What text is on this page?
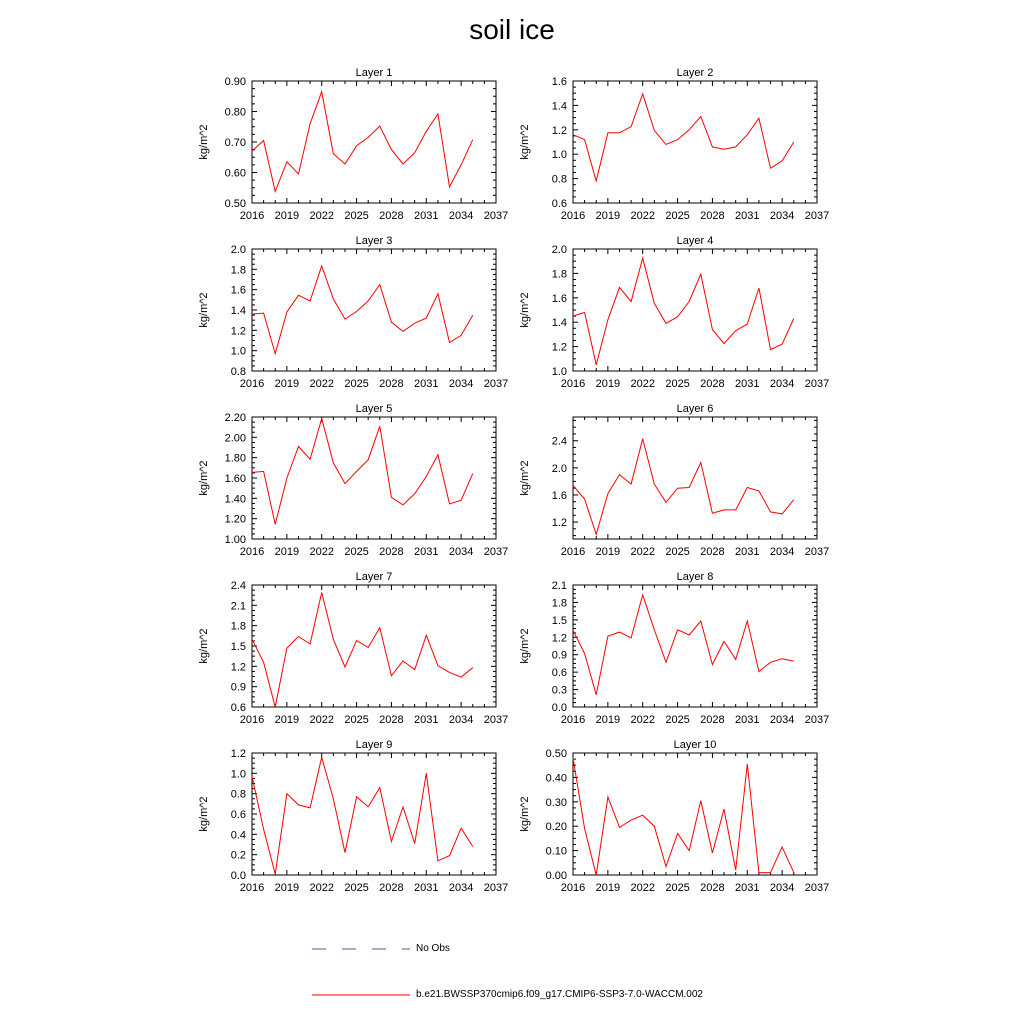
soil ice
Layer 1
kg/m^2
2016 2019 2022 2025 2028 2031 2034 2037
0.50
0.60
0.70
0.80
0.90
Layer 2
kg/m^2
2016 2019 2022 2025 2028 2031 2034 2037
0.6
0.8
1.0
1.2
1.4
1.6
Layer 3
kg/m^2
2016 2019 2022 2025 2028 2031 2034 2037
0.8
1.0
1.2
1.4
1.6
1.8
2.0
Layer 4
kg/m^2
2016 2019 2022 2025 2028 2031 2034 2037
1.0
1.2
1.4
1.6
1.8
2.0
Layer 5
kg/m^2
2016 2019 2022 2025 2028 2031 2034 2037
1.00
1.20
1.40
1.60
1.80
2.00
2.20
Layer 6
kg/m^2
2016 2019 2022 2025 2028 2031 2034 2037
1.2
1.6
2.0
2.4
Layer 7
kg/m^2
2016 2019 2022 2025 2028 2031 2034 2037
0.6
0.9
1.2
1.5
1.8
2.1
2.4
Layer 8
kg/m^2
2016 2019 2022 2025 2028 2031 2034 2037
0.0
0.3
0.6
0.9
1.2
1.5
1.8
2.1
Layer 9
kg/m^2
2016 2019 2022 2025 2028 2031 2034 2037
0.0
0.2
0.4
0.6
0.8
1.0
1.2
Layer 10
kg/m^2
2016 2019 2022 2025 2028 2031 2034 2037
0.00
0.10
0.20
0.30
0.40
0.50
No Obs
b.e21.BWSSP370cmip6.f09_g17.CMIP6-SSP3-7.0-WACCM.002
